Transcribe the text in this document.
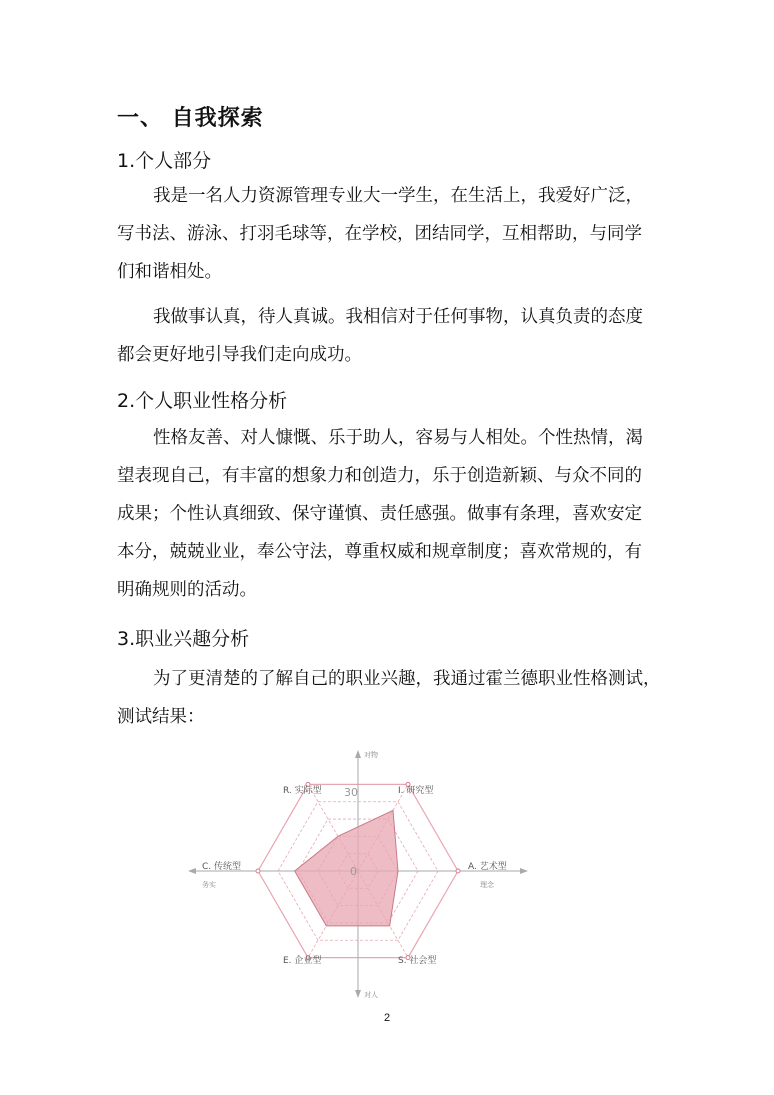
一、 自我探索
1.个人部分
我是一名人力资源管理专业大一学生，在生活上，我爱好广泛，
写书法、游泳、打羽毛球等，在学校，团结同学，互相帮助，与同学
们和谐相处。
我做事认真，待人真诚。我相信对于任何事物，认真负责的态度
都会更好地引导我们走向成功。
2.个人职业性格分析
性格友善、对人慷慨、乐于助人，容易与人相处。个性热情，渴
望表现自己，有丰富的想象力和创造力，乐于创造新颖、与众不同的
成果；个性认真细致、保守谨慎、责任感强。做事有条理，喜欢安定
本分，兢兢业业，奉公守法，尊重权威和规章制度；喜欢常规的，有
明确规则的活动。
3.职业兴趣分析
为了更清楚的了解自己的职业兴趣，我通过霍兰德职业性格测试，
测试结果：
I. 研究型
A. 艺术型
S. 社会型
E. 企业型
C. 传统型
R. 实际型 30
0
对物
对人
务实	理念
2
